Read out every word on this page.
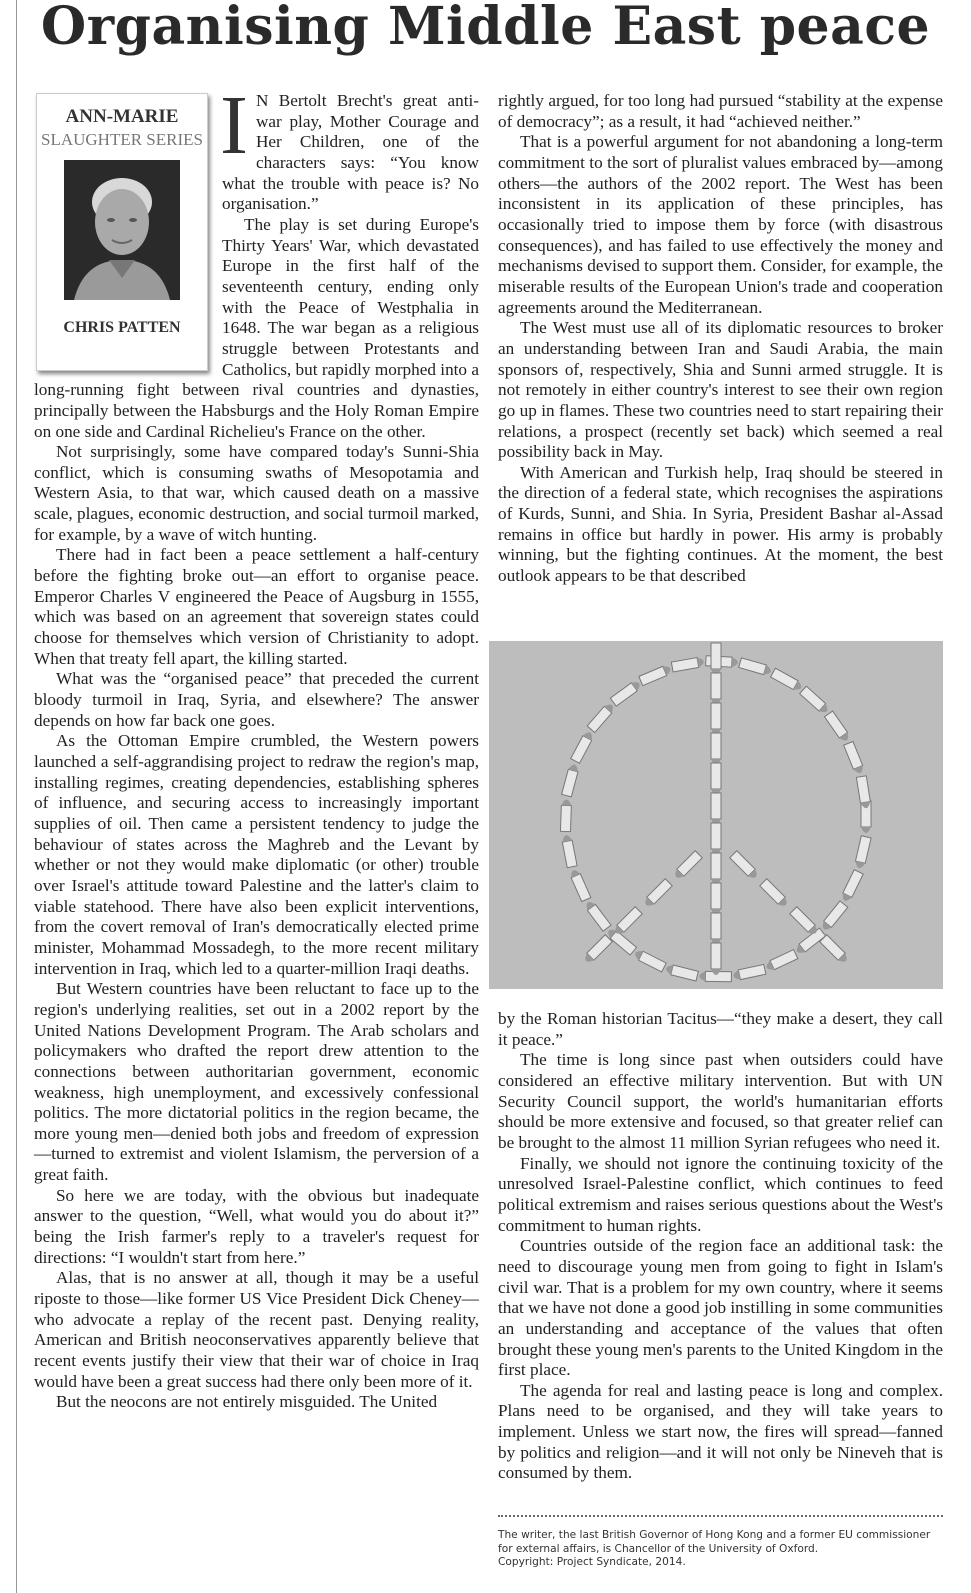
Organising Middle East peace
ANN-MARIE
SLAUGHTER SERIES
CHRIS PATTEN
I N Bertolt Brecht's great anti-war play, Mother Courage and Her Children, one of the characters says: “You know what the trouble with peace is? No organisation.”

The play is set during Europe's Thirty Years' War, which devastated Europe in the first half of the seventeenth century, ending only with the Peace of Westphalia in 1648. The war began as a religious struggle between Protestants and Catholics, but rapidly morphed into a long-running fight between rival countries and dynasties, principally between the Habsburgs and the Holy Roman Empire on one side and Cardinal Richelieu's France on the other.

Not surprisingly, some have compared today's Sunni-Shia conflict, which is consuming swaths of Mesopotamia and Western Asia, to that war, which caused death on a massive scale, plagues, economic destruction, and social turmoil marked, for example, by a wave of witch hunting.

There had in fact been a peace settlement a half-century before the fighting broke out—an effort to organise peace. Emperor Charles V engineered the Peace of Augsburg in 1555, which was based on an agreement that sovereign states could choose for themselves which version of Christianity to adopt. When that treaty fell apart, the killing started.

What was the “organised peace” that preceded the current bloody turmoil in Iraq, Syria, and elsewhere? The answer depends on how far back one goes.

As the Ottoman Empire crumbled, the Western powers launched a self-aggrandising project to redraw the region's map, installing regimes, creating dependencies, establishing spheres of influence, and securing access to increasingly important supplies of oil. Then came a persistent tendency to judge the behaviour of states across the Maghreb and the Levant by whether or not they would make diplomatic (or other) trouble over Israel's attitude toward Palestine and the latter's claim to viable statehood. There have also been explicit interventions, from the covert removal of Iran's democratically elected prime minister, Mohammad Mossadegh, to the more recent military intervention in Iraq, which led to a quarter-million Iraqi deaths.

But Western countries have been reluctant to face up to the region's underlying realities, set out in a 2002 report by the United Nations Development Program. The Arab scholars and policymakers who drafted the report drew attention to the connections between authoritarian government, economic weakness, high unemployment, and excessively confessional politics. The more dictatorial politics in the region became, the more young men—denied both jobs and freedom of expression—turned to extremist and violent Islamism, the perversion of a great faith.

So here we are today, with the obvious but inadequate answer to the question, “Well, what would you do about it?” being the Irish farmer's reply to a traveler's request for directions: “I wouldn't start from here.”

Alas, that is no answer at all, though it may be a useful riposte to those—like former US Vice President Dick Cheney—who advocate a replay of the recent past. Denying reality, American and British neoconservatives apparently believe that recent events justify their view that their war of choice in Iraq would have been a great success had there only been more of it.

But the neocons are not entirely misguided. The United

rightly argued, for too long had pursued “stability at the expense of democracy”; as a result, it had “achieved neither.”

That is a powerful argument for not abandoning a long-term commitment to the sort of pluralist values embraced by—among others—the authors of the 2002 report. The West has been inconsistent in its application of these principles, has occasionally tried to impose them by force (with disastrous consequences), and has failed to use effectively the money and mechanisms devised to support them. Consider, for example, the miserable results of the European Union's trade and cooperation agreements around the Mediterranean.

The West must use all of its diplomatic resources to broker an understanding between Iran and Saudi Arabia, the main sponsors of, respectively, Shia and Sunni armed struggle. It is not remotely in either country's interest to see their own region go up in flames. These two countries need to start repairing their relations, a prospect (recently set back) which seemed a real possibility back in May.

With American and Turkish help, Iraq should be steered in the direction of a federal state, which recognises the aspirations of Kurds, Sunni, and Shia. In Syria, President Bashar al-Assad remains in office but hardly in power. His army is probably winning, but the fighting continues. At the moment, the best outlook appears to be that described

by the Roman historian Tacitus—“they make a desert, they call it peace.”

The time is long since past when outsiders could have considered an effective military intervention. But with UN Security Council support, the world's humanitarian efforts should be more extensive and focused, so that greater relief can be brought to the almost 11 million Syrian refugees who need it.

Finally, we should not ignore the continuing toxicity of the unresolved Israel-Palestine conflict, which continues to feed political extremism and raises serious questions about the West's commitment to human rights.

Countries outside of the region face an additional task: the need to discourage young men from going to fight in Islam's civil war. That is a problem for my own country, where it seems that we have not done a good job instilling in some communities an understanding and acceptance of the values that often brought these young men's parents to the United Kingdom in the first place.

The agenda for real and lasting peace is long and complex. Plans need to be organised, and they will take years to implement. Unless we start now, the fires will spread—fanned by politics and religion—and it will not only be Nineveh that is consumed by them.

The writer, the last British Governor of Hong Kong and a former EU commissioner for external affairs, is Chancellor of the University of Oxford.
Copyright: Project Syndicate, 2014.
